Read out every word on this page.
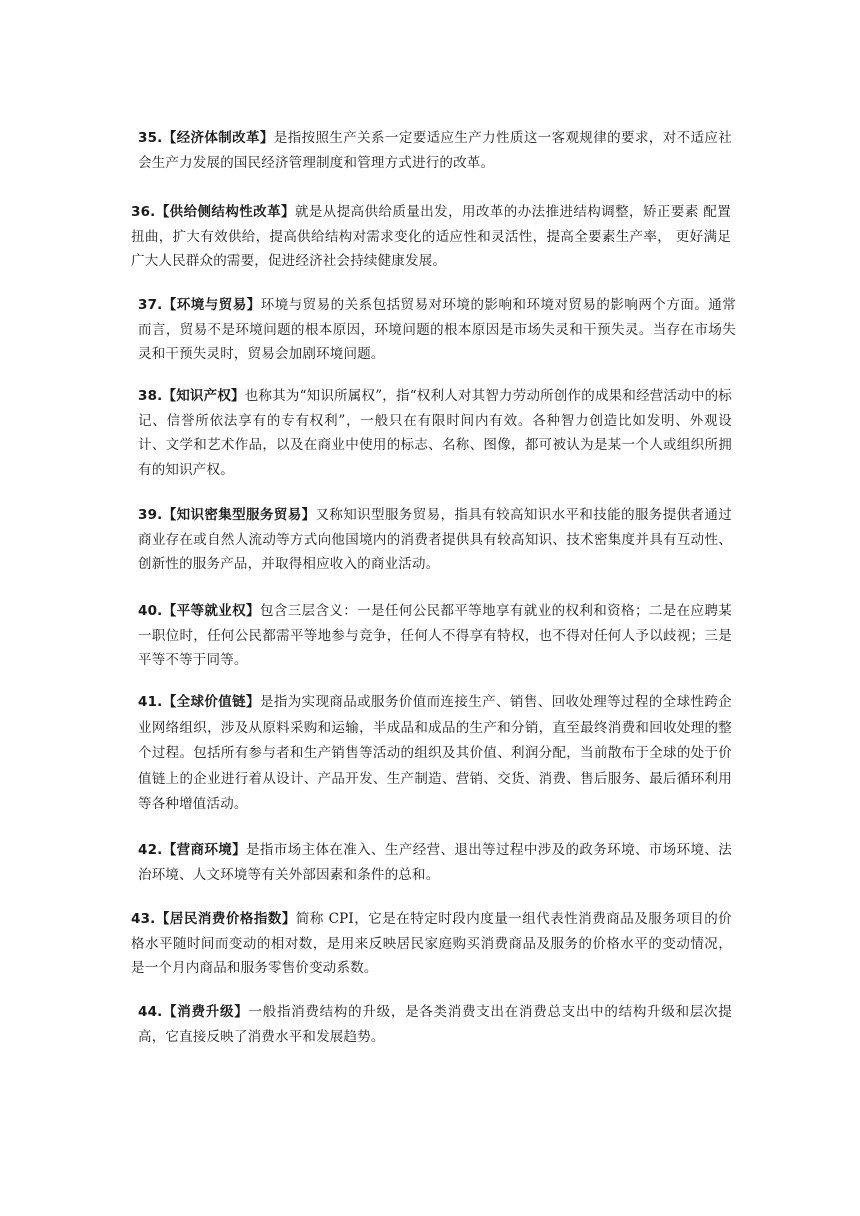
35.【经济体制改革】是指按照生产关系一定要适应生产力性质这一客观规律的要求，对不适应社会生产力发展的国民经济管理制度和管理方式进行的改革。

36.【供给侧结构性改革】就是从提高供给质量出发，用改革的办法推进结构调整，矫正要素 配置扭曲，扩大有效供给，提高供给结构对需求变化的适应性和灵活性，提高全要素生产率， 更好满足广大人民群众的需要，促进经济社会持续健康发展。

37.【环境与贸易】环境与贸易的关系包括贸易对环境的影响和环境对贸易的影响两个方面。通常而言，贸易不是环境问题的根本原因，环境问题的根本原因是市场失灵和干预失灵。当存在市场失灵和干预失灵时，贸易会加剧环境问题。

38.【知识产权】也称其为“知识所属权”，指“权利人对其智力劳动所创作的成果和经营活动中的标记、信誉所依法享有的专有权利”，一般只在有限时间内有效。各种智力创造比如发明、外观设计、文学和艺术作品，以及在商业中使用的标志、名称、图像，都可被认为是某一个人或组织所拥有的知识产权。

39.【知识密集型服务贸易】又称知识型服务贸易，指具有较高知识水平和技能的服务提供者通过商业存在或自然人流动等方式向他国境内的消费者提供具有较高知识、技术密集度并具有互动性、创新性的服务产品，并取得相应收入的商业活动。

40.【平等就业权】包含三层含义：一是任何公民都平等地享有就业的权利和资格；二是在应聘某一职位时，任何公民都需平等地参与竞争，任何人不得享有特权，也不得对任何人予以歧视；三是平等不等于同等。

41.【全球价值链】是指为实现商品或服务价值而连接生产、销售、回收处理等过程的全球性跨企业网络组织，涉及从原料采购和运输，半成品和成品的生产和分销，直至最终消费和回收处理的整个过程。包括所有参与者和生产销售等活动的组织及其价值、利润分配，当前散布于全球的处于价值链上的企业进行着从设计、产品开发、生产制造、营销、交货、消费、售后服务、最后循环利用等各种增值活动。

42.【营商环境】是指市场主体在准入、生产经营、退出等过程中涉及的政务环境、市场环境、法治环境、人文环境等有关外部因素和条件的总和。

43.【居民消费价格指数】简称 CPI，它是在特定时段内度量一组代表性消费商品及服务项目的价格水平随时间而变动的相对数，是用来反映居民家庭购买消费商品及服务的价格水平的变动情况，是一个月内商品和服务零售价变动系数。

44.【消费升级】一般指消费结构的升级，是各类消费支出在消费总支出中的结构升级和层次提高，它直接反映了消费水平和发展趋势。
